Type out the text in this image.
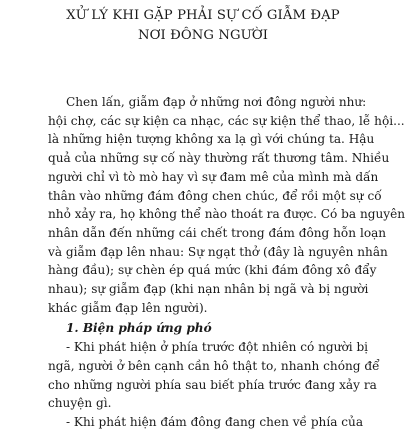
XỬ LÝ KHI GẶP PHẢI SỰ CỐ GIẪM ĐẠP
NƠI ĐÔNG NGƯỜI
Chen lấn, giẫm đạp ở những nơi đông người như:
hội chợ, các sự kiện ca nhạc, các sự kiện thể thao, lễ hội...
là những hiện tượng không xa lạ gì với chúng ta. Hậu
quả của những sự cố này thường rất thương tâm. Nhiều
người chỉ vì tò mò hay vì sự đam mê của mình mà dấn
thân vào những đám đông chen chúc, để rồi một sự cố
nhỏ xảy ra, họ không thể nào thoát ra được. Có ba nguyên
nhân dẫn đến những cái chết trong đám đông hỗn loạn
và giẫm đạp lên nhau: Sự ngạt thở (đây là nguyên nhân
hàng đầu); sự chèn ép quá mức (khi đám đông xô đẩy
nhau); sự giẫm đạp (khi nạn nhân bị ngã và bị người
khác giẫm đạp lên người).
1. Biện pháp ứng phó
- Khi phát hiện ở phía trước đột nhiên có người bị
ngã, người ở bên cạnh cần hô thật to, nhanh chóng để
cho những người phía sau biết phía trước đang xảy ra
chuyện gì.
- Khi phát hiện đám đông đang chen về phía của
